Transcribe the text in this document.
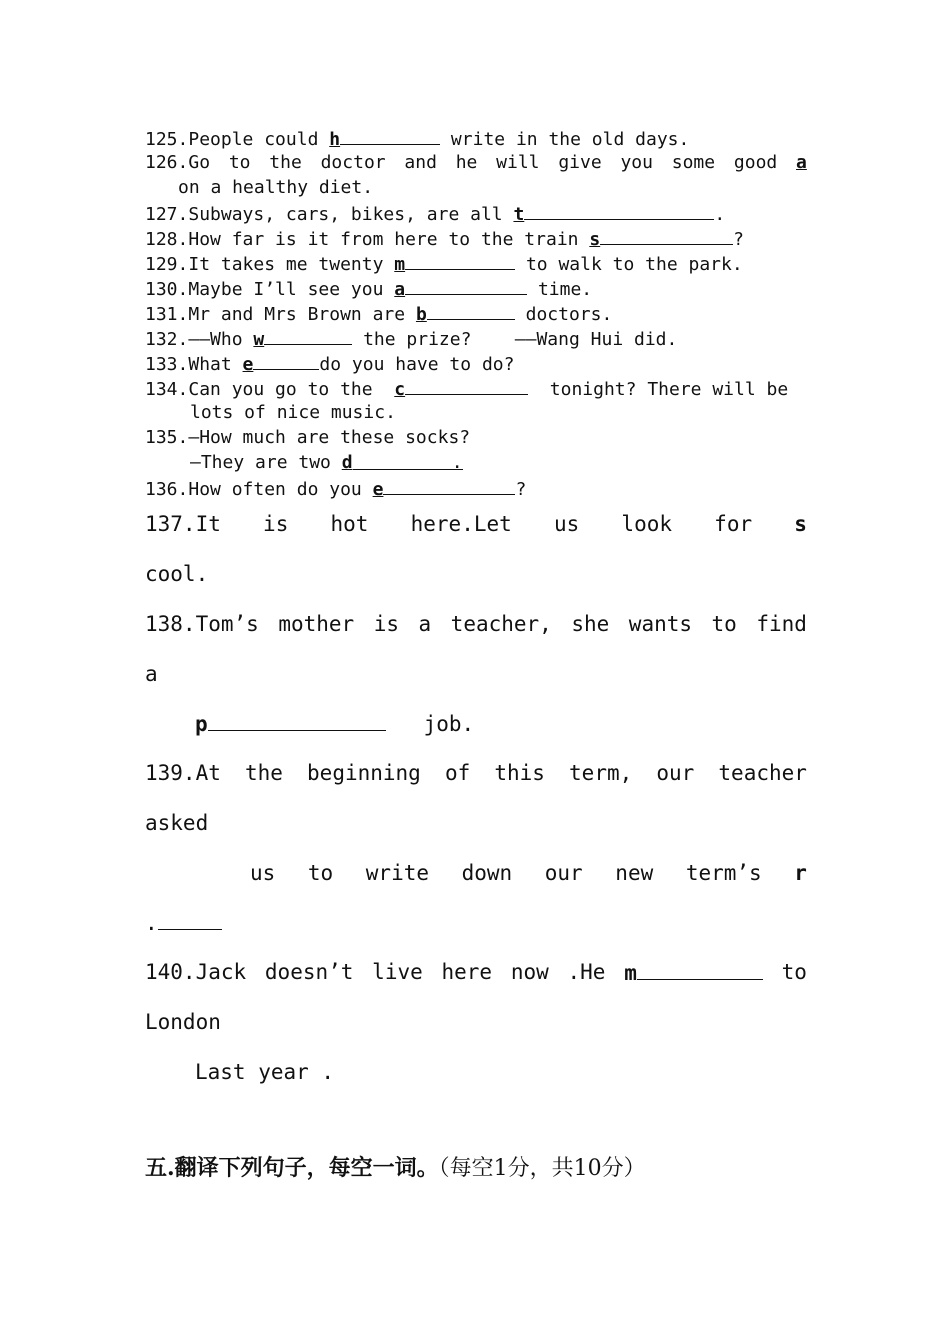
125.People could h	write in the old days.
126.Go to the doctor and he will give you some good a
on a healthy diet.
127.Subways, cars, bikes, are all t	.
128.How far is it from here to the train s	?
129.It takes me twenty m	to walk to the park.
130.Maybe I’ll see you a	time.
131.Mr and Mrs Brown are b	doctors.
132.——Who w	the prize?    ——Wang Hui did.
133.What e	do you have to do?
134.Can you go to the  c	tonight? There will be
lots of nice music.
135.—How much are these socks?
—They are two d	.
136.How often do you e	?
137.It is hot here.Let us look for s
cool.
138.Tom’s mother is a teacher, she wants to find
a
p	job.
139.At the beginning of this term, our teacher
asked
us to write down our new term’s r
.
140.Jack doesn’t live here now .He m	to
London
Last year .
五.翻译下列句子，每空一词。（每空1分，共10分）
